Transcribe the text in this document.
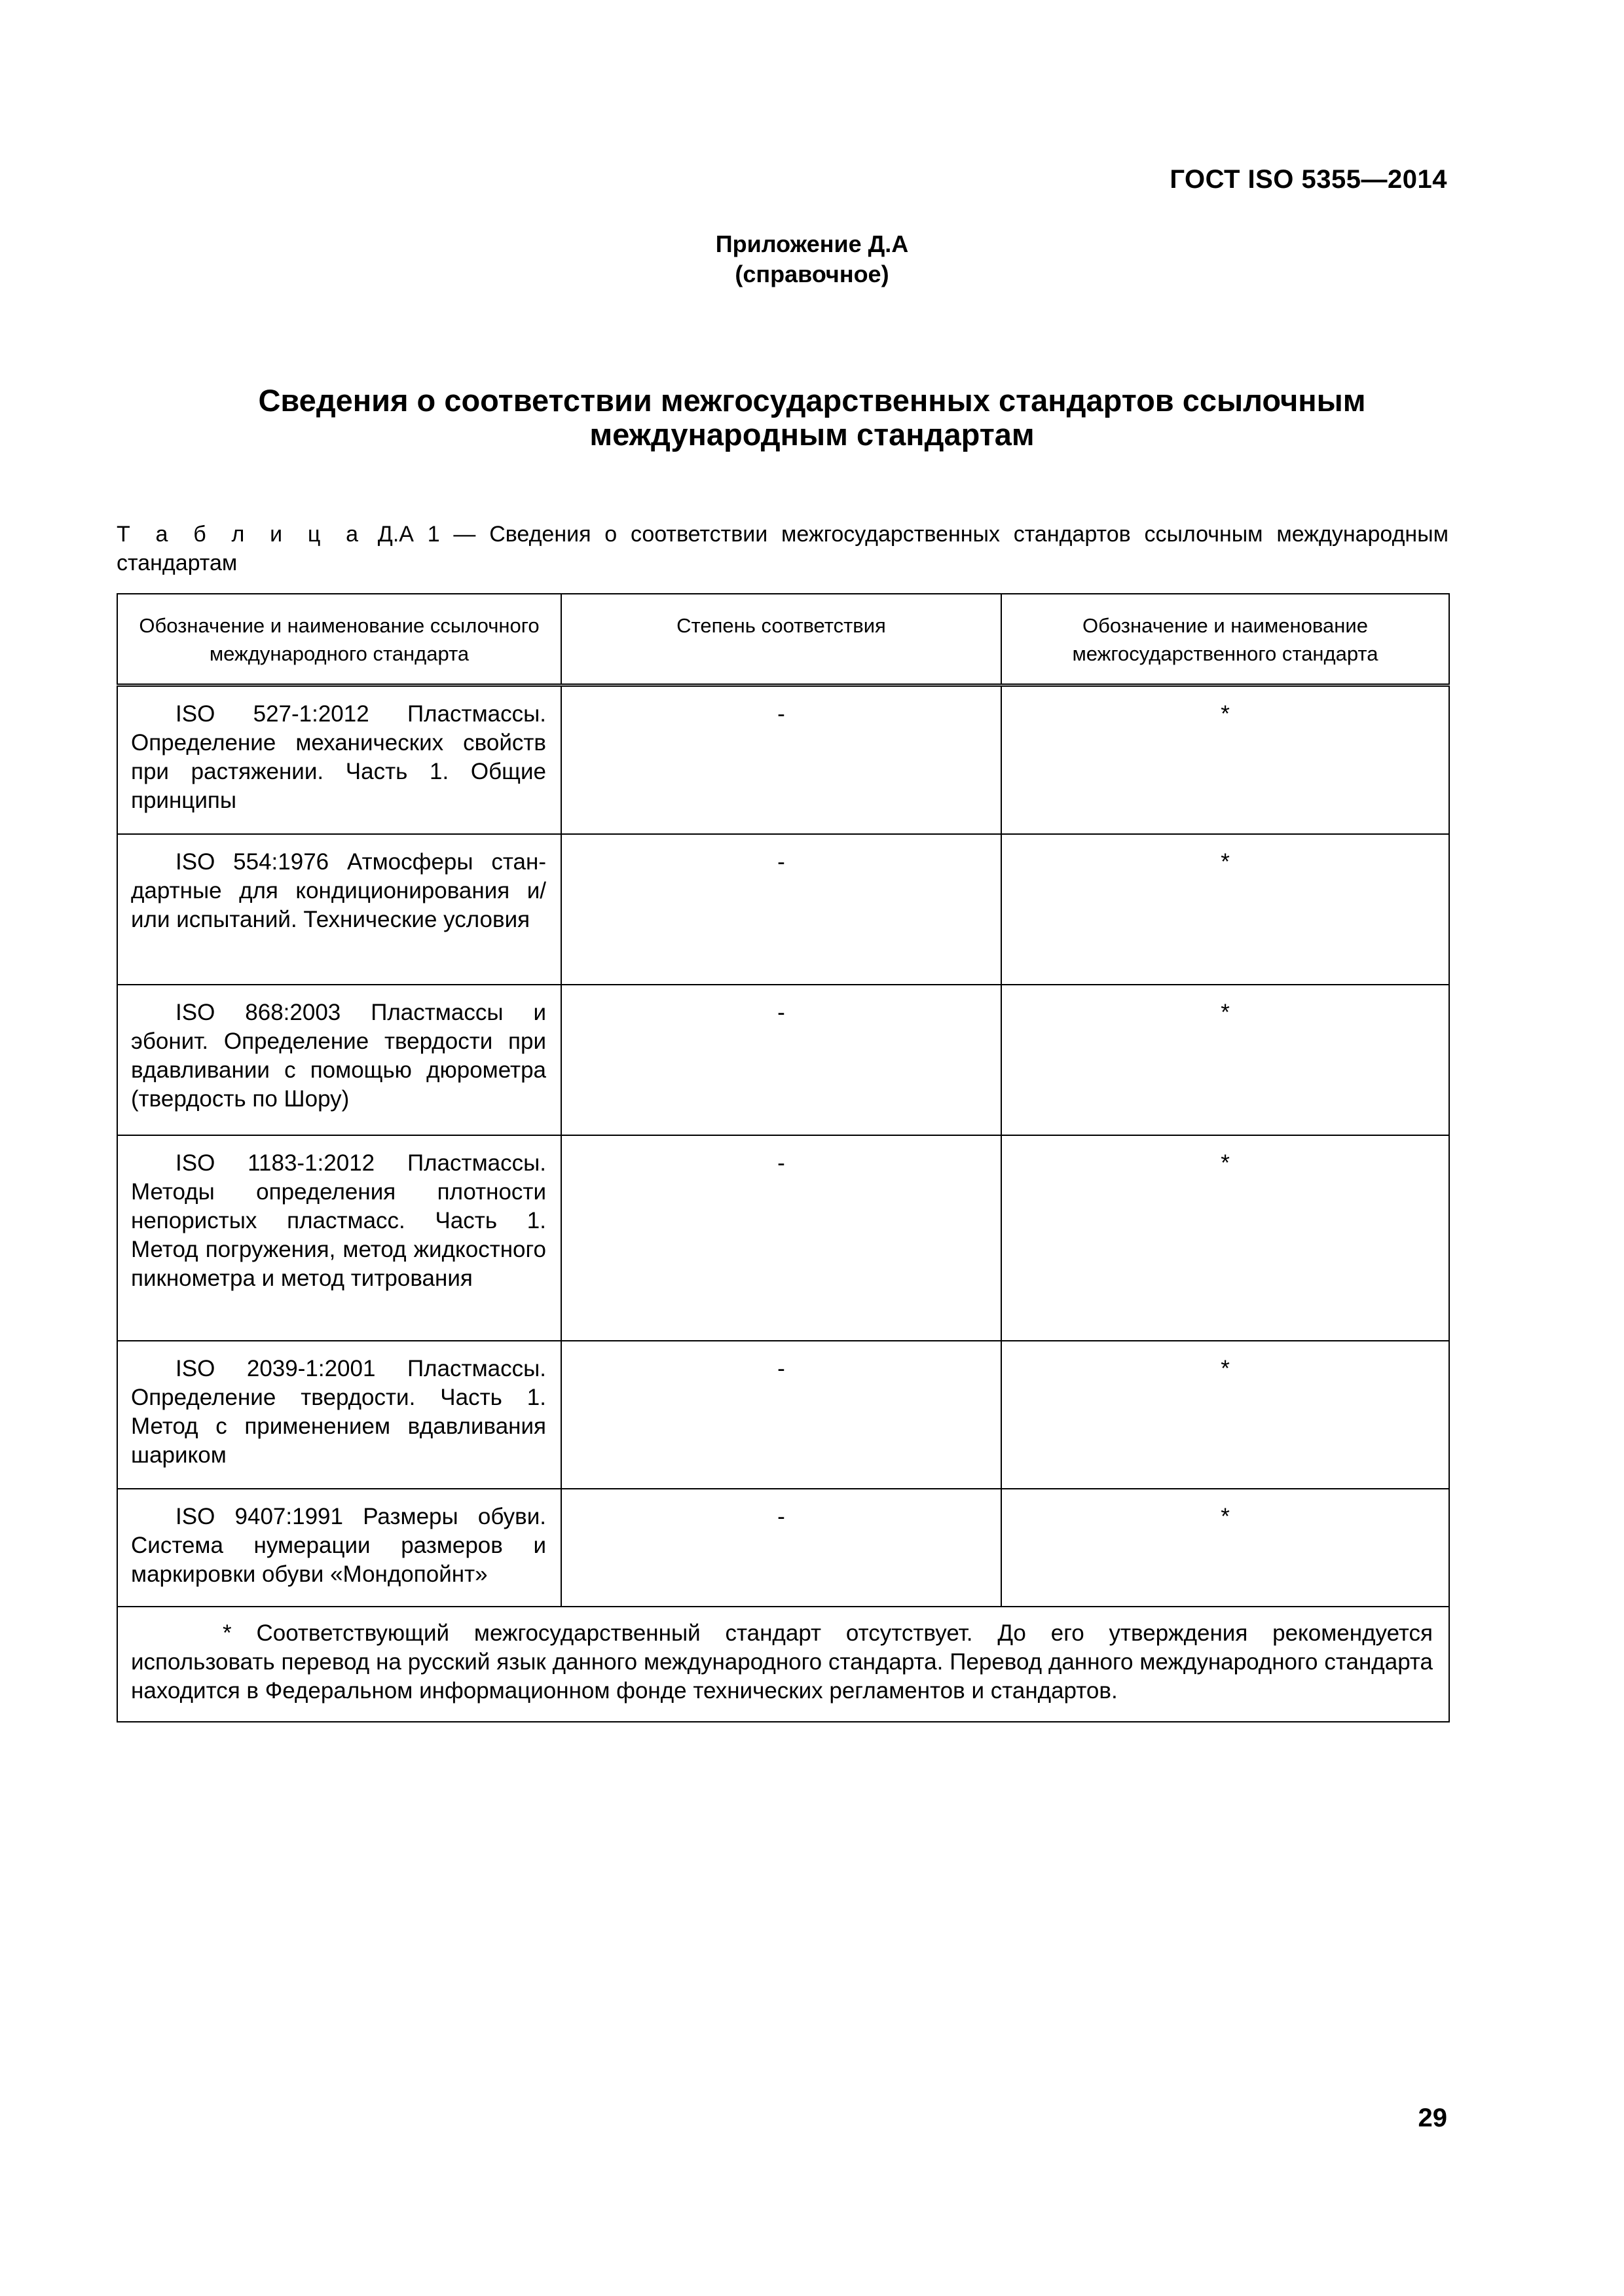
ГОСТ ISO 5355—2014
Приложение Д.А
(справочное)
Сведения о соответствии межгосударственных стандартов ссылочным международным стандартам
Т а б л и ц а Д.А 1 — Сведения о соответствии межгосударственных стандартов ссылочным международным стандартам
Обозначение и наименование ссылочного международного стандарта	Степень соответствия	Обозначение и наименование межгосударственного стандарта
ISO 527-1:2012 Пластмассы. Определение механических свойств при растяжении. Часть 1. Общие принципы	-	*
ISO 554:1976 Атмосферы стан-дартные для кондиционирования и/или испытаний. Технические условия	-	*
ISO 868:2003 Пластмассы и эбонит. Определение твердости при вдавливании с помощью дюрометра (твердость по Шору)	-	*
ISO 1183-1:2012 Пластмассы. Методы определения плотности непористых пластмасс. Часть 1. Метод погружения, метод жидкостного пикнометра и метод титрования	-	*
ISO 2039-1:2001 Пластмассы. Определение твердости. Часть 1. Метод с применением вдавливания шариком	-	*
ISO 9407:1991 Размеры обуви. Система нумерации размеров и маркировки обуви «Мондопойнт»	-	*
* Соответствующий межгосударственный стандарт отсутствует. До его утверждения рекомендуется использовать перевод на русский язык данного международного стандарта. Перевод данного международного стандарта находится в Федеральном информационном фонде технических регламентов и стандартов.		
29
